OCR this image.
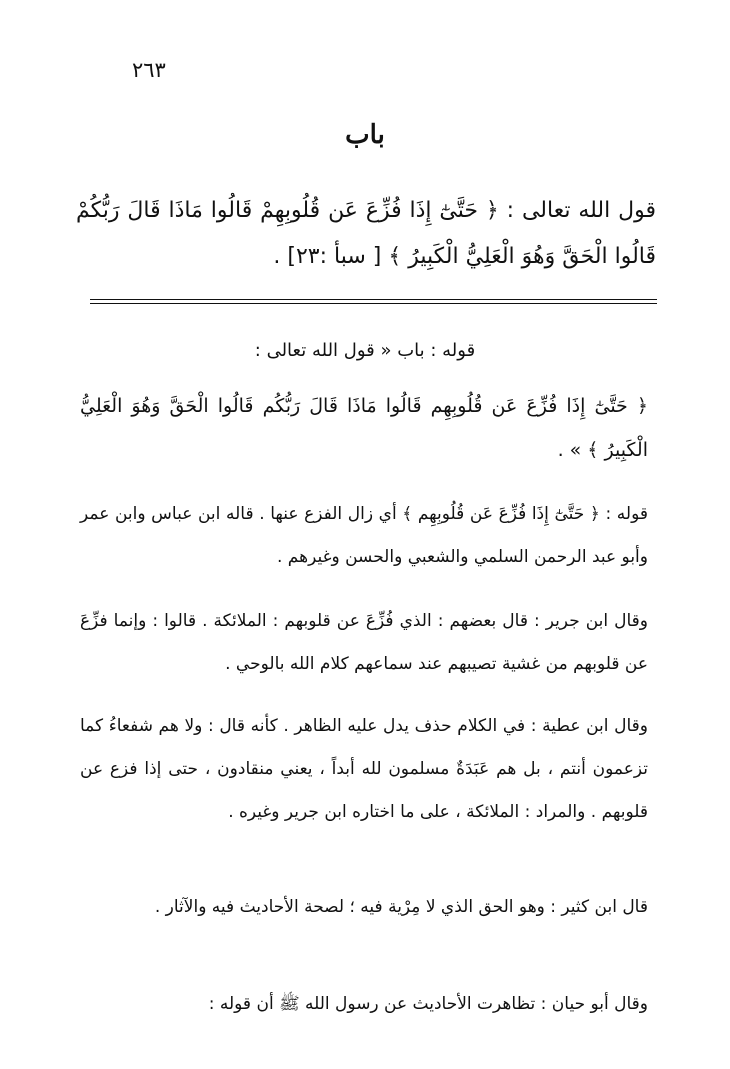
٢٦٣
باب
قول الله تعالى : ﴿ حَتَّىٰٓ إِذَا فُزِّعَ عَن قُلُوبِهِمْ قَالُوا مَاذَا قَالَ رَبُّكُمْ قَالُوا الْحَقَّ وَهُوَ الْعَلِيُّ الْكَبِيرُ ﴾ [ سبأ :٢٣] .
قوله : باب « قول الله تعالى :
﴿ حَتَّىٰٓ إِذَا فُزِّعَ عَن قُلُوبِهِم قَالُوا مَاذَا قَالَ رَبُّكُم قَالُوا الْحَقَّ وَهُوَ الْعَلِيُّ الْكَبِيرُ ﴾ » .
قوله : ﴿ حَتَّىٰٓ إِذَا فُزِّعَ عَن قُلُوبِهِم ﴾ أي زال الفزع عنها . قاله ابن عباس وابن عمر وأبو عبد الرحمن السلمي والشعبي والحسن وغيرهم .
وقال ابن جرير : قال بعضهم : الذي فُزِّعَ عن قلوبهم : الملائكة . قالوا : وإنما فزِّعَ عن قلوبهم من غشية تصيبهم عند سماعهم كلام الله بالوحي .
وقال ابن عطية : في الكلام حذف يدل عليه الظاهر . كأنه قال : ولا هم شفعاءُ كما تزعمون أنتم ، بل هم عَبَدَةٌ مسلمون لله أبداً ، يعني منقادون ، حتى إذا فزع عن قلوبهم . والمراد : الملائكة ، على ما اختاره ابن جرير وغيره .
قال ابن كثير : وهو الحق الذي لا مِرْية فيه ؛ لصحة الأحاديث فيه والآثار .
وقال أبو حيان : تظاهرت الأحاديث عن رسول الله ﷺ أن قوله :
